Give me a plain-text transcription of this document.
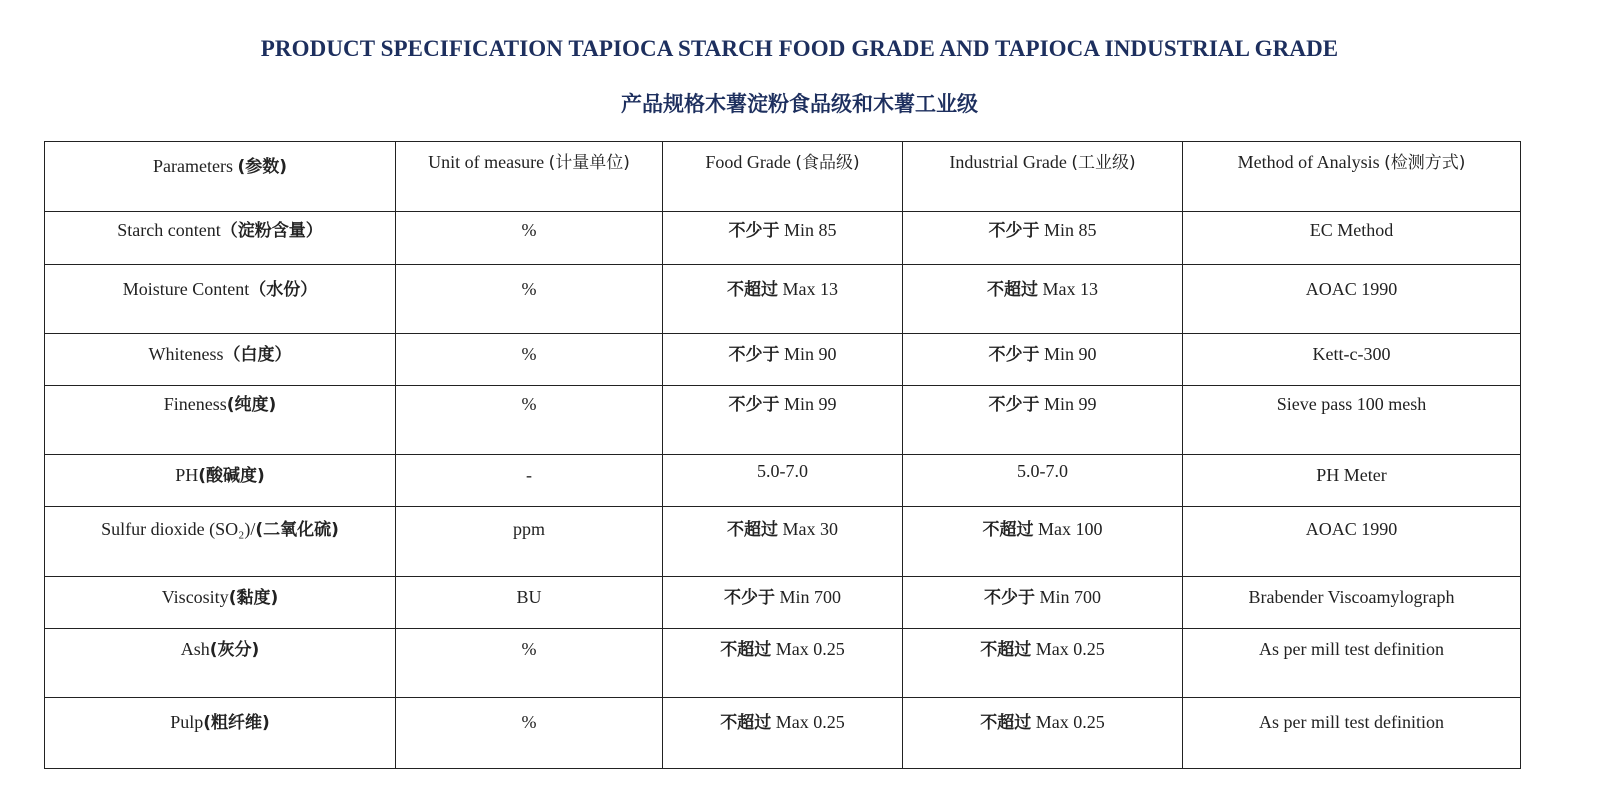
PRODUCT SPECIFICATION TAPIOCA STARCH FOOD GRADE AND TAPIOCA INDUSTRIAL GRADE
产品规格木薯淀粉食品级和木薯工业级
Parameters (参数)	Unit of measure (计量单位)	Food Grade (食品级)	Industrial Grade (工业级)	Method of Analysis (检测方式)

Starch content（淀粉含量）	%	不少于 Min 85	不少于 Min 85	EC Method

Moisture Content（水份）	%	不超过 Max 13	不超过 Max 13	AOAC 1990

Whiteness（白度）	%	不少于 Min 90	不少于 Min 90	Kett-c-300

Fineness(纯度)	%	不少于 Min 99	不少于 Min 99	Sieve pass 100 mesh

PH(酸碱度)	-	5.0-7.0	5.0-7.0	PH Meter

Sulfur dioxide (SO₂)/(二氧化硫)	ppm	不超过 Max 30	不超过 Max 100	AOAC 1990

Viscosity(黏度)	BU	不少于 Min 700	不少于 Min 700	Brabender Viscoamylograph

Ash(灰分)	%	不超过 Max 0.25	不超过 Max 0.25	As per mill test definition

Pulp(粗纤维)	%	不超过 Max 0.25	不超过 Max 0.25	As per mill test definition
